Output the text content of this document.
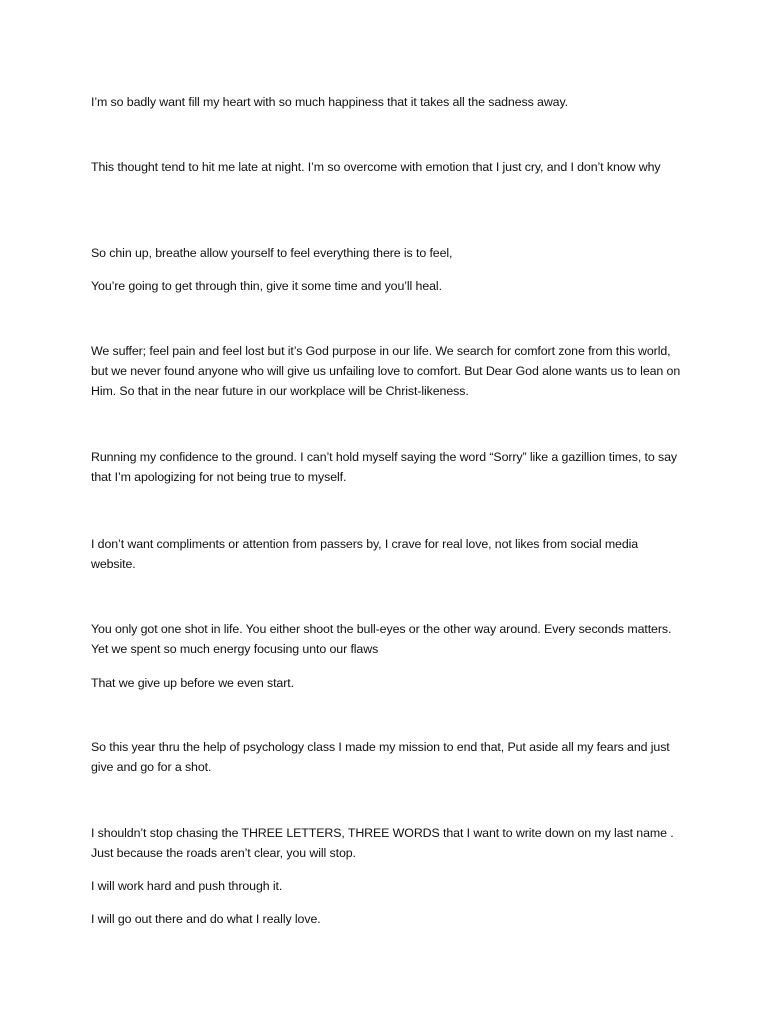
I’m so badly want fill my heart with so much happiness that it takes all the sadness away.

This thought tend to hit me late at night. I’m so overcome with emotion that I just cry, and I don’t know why

So chin up, breathe allow yourself to feel everything there is to feel,

You’re going to get through thin, give it some time and you’ll heal.

We suffer; feel pain and feel lost but it’s God purpose in our life. We search for comfort zone from this world, but we never found anyone who will give us unfailing love to comfort. But Dear God alone wants us to lean on Him. So that in the near future in our workplace will be Christ-likeness.

Running my confidence to the ground. I can’t hold myself saying the word “Sorry” like a gazillion times, to say that I’m apologizing for not being true to myself.

I don’t want compliments or attention from passers by, I crave for real love, not likes from social media website.

You only got one shot in life. You either shoot the bull-eyes or the other way around. Every seconds matters. Yet we spent so much energy focusing unto our flaws

That we give up before we even start.

So this year thru the help of psychology class I made my mission to end that, Put aside all my fears and just give and go for a shot.

I shouldn’t stop chasing the THREE LETTERS, THREE WORDS that I want to write down on my last name . Just because the roads aren’t clear, you will stop.

I will work hard and push through it.

I will go out there and do what I really love.
